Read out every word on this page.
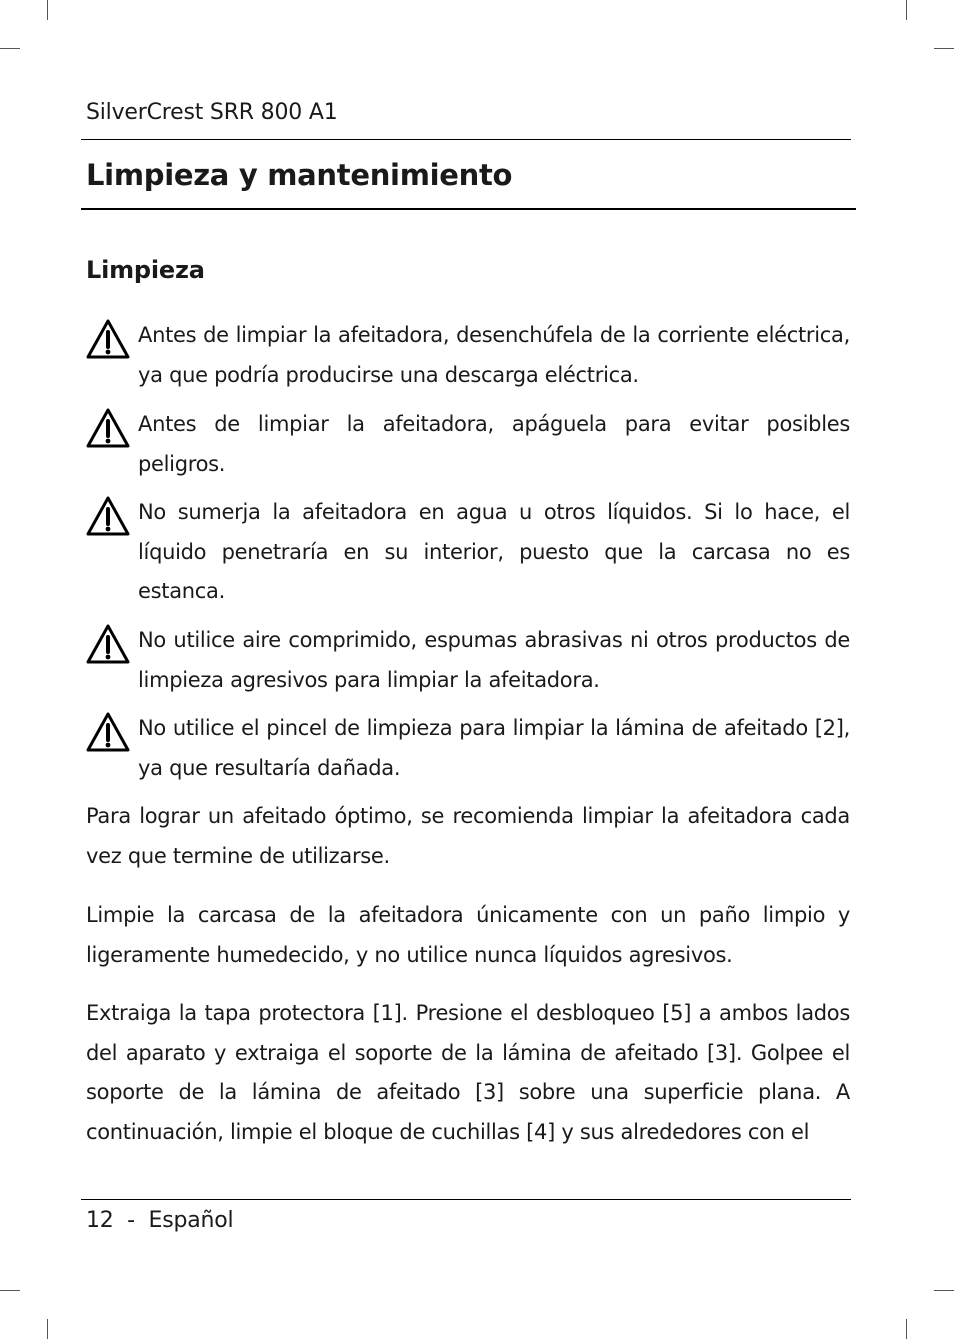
SilverCrest SRR 800 A1
Limpieza y mantenimiento
Limpieza

Antes de limpiar la afeitadora, desenchúfela de la corriente eléctrica, ya que podría producirse una descarga eléctrica.

Antes de limpiar la afeitadora, apáguela para evitar posibles peligros.

No sumerja la afeitadora en agua u otros líquidos. Si lo hace, el líquido penetraría en su interior, puesto que la carcasa no es estanca.

No utilice aire comprimido, espumas abrasivas ni otros productos de limpieza agresivos para limpiar la afeitadora.

No utilice el pincel de limpieza para limpiar la lámina de afeitado [2], ya que resultaría dañada.

Para lograr un afeitado óptimo, se recomienda limpiar la afeitadora cada vez que termine de utilizarse.

Limpie la carcasa de la afeitadora únicamente con un paño limpio y ligeramente humedecido, y no utilice nunca líquidos agresivos.

Extraiga la tapa protectora [1]. Presione el desbloqueo [5] a ambos lados del aparato y extraiga el soporte de la lámina de afeitado [3]. Golpee el soporte de la lámina de afeitado [3] sobre una superficie plana. A continuación, limpie el bloque de cuchillas [4] y sus alrededores con el

12  -  Español
